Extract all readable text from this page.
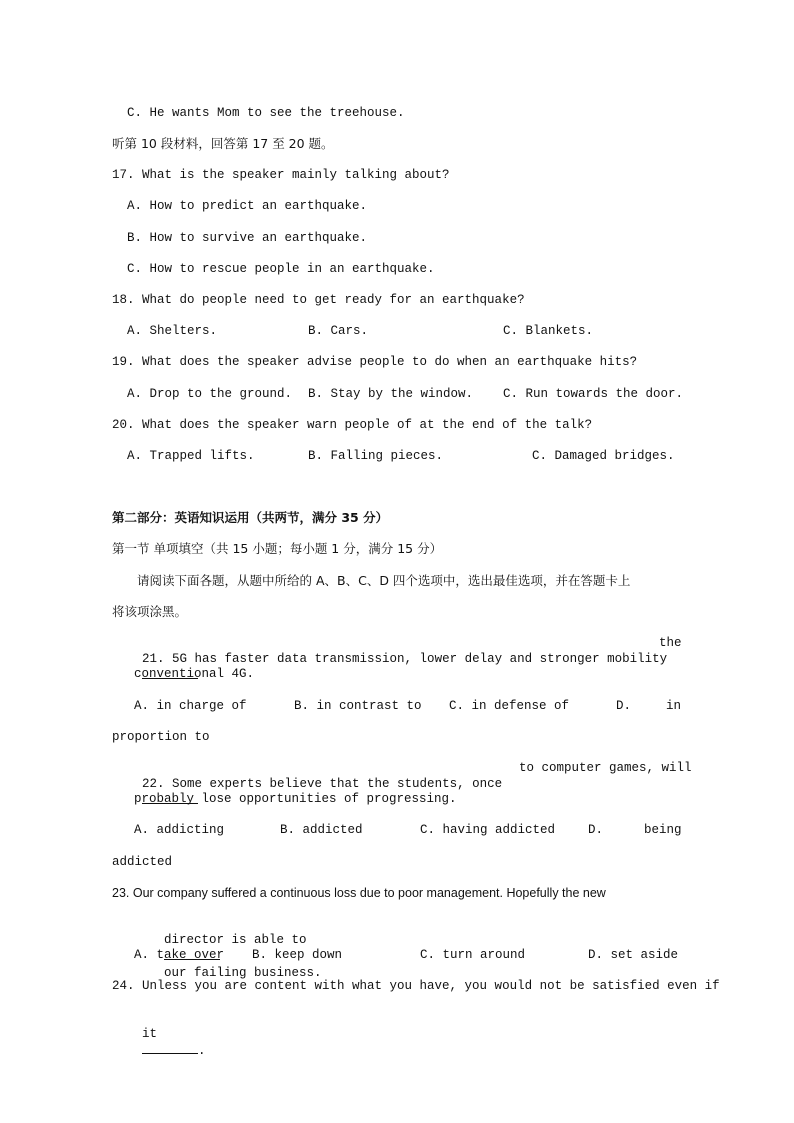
C. He wants Mom to see the treehouse.
听第 10 段材料，回答第 17 至 20 题。
17. What is the speaker mainly talking about?
A. How to predict an earthquake.
B. How to survive an earthquake.
C. How to rescue people in an earthquake.
18. What do people need to get ready for an earthquake?
A. Shelters.	B. Cars.	C. Blankets.
19. What does the speaker advise people to do when an earthquake hits?
A. Drop to the ground. B. Stay by the window. C. Run towards the door.
20. What does the speaker warn people of at the end of the talk?
A. Trapped lifts.	B. Falling pieces.	C. Damaged bridges.
第二部分：英语知识运用（共两节，满分 35 分）
第一节 单项填空（共 15 小题；每小题 1 分，满分 15 分）
请阅读下面各题，从题中所给的 A、B、C、D 四个选项中，选出最佳选项，并在答题卡上
将该项涂黑。

21. 5G has faster data transmission, lower delay and stronger mobility

the
conventional 4G.
A. in charge of	B. in contrast to C. in defense of	D.	in
proportion to

22. Some experts believe that the students, once

to computer games, will
probably lose opportunities of progressing.
A. addicting	B. addicted	C. having addicted	D.	being
addicted
23. Our company suffered a continuous loss due to poor management. Hopefully the new

director is able to

our failing business.

A. take over B. keep down	C. turn around	D. set aside
24. Unless you are content with what you have, you would not be satisfied even if

it
.
